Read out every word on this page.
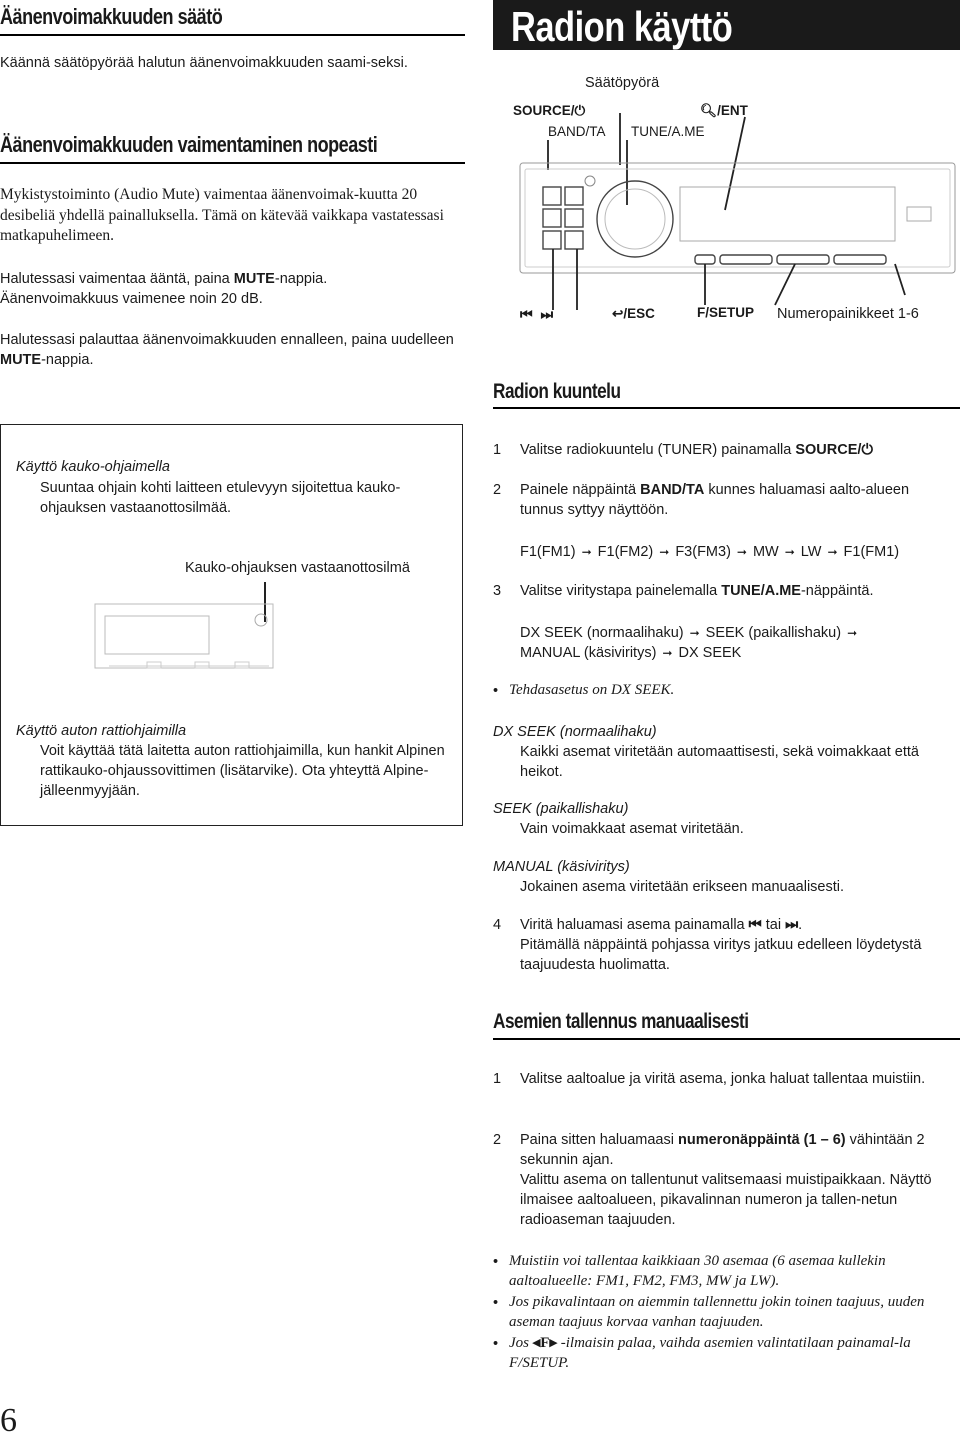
Äänenvoimakkuuden säätö
Käännä säätöpyörää halutun äänenvoimakkuuden saami-seksi.
Äänenvoimakkuuden vaimentaminen nopeasti
Mykistystoiminto (Audio Mute) vaimentaa äänenvoimak-kuutta 20 desibeliä yhdellä painalluksella. Tämä on kätevää vaikkapa vastatessasi matkapuhelimeen.
Halutessasi vaimentaa ääntä, paina MUTE-nappia.
Äänenvoimakkuus vaimenee noin 20 dB.
Halutessasi palauttaa äänenvoimakkuuden ennalleen, paina uudelleen MUTE-nappia.
Käyttö kauko-ohjaimella
Suuntaa ohjain kohti laitteen etulevyyn sijoitettua kauko-ohjauksen vastaanottosilmää.
Kauko-ohjauksen vastaanottosilmä
Käyttö auton rattiohjaimilla
Voit käyttää tätä laitetta auton rattiohjaimilla, kun hankit Alpinen rattikauko-ohjaussovittimen (lisätarvike). Ota yhteyttä Alpine-jälleenmyyjään.
6
Radion käyttö
Säätöpyörä
SOURCE/⏻	🔍︎/ENT
BAND/TA TUNE/A.ME
⏮ ⏭	↩/ESC	F/SETUP Numeropainikkeet 1-6
Radion kuuntelu
1 Valitse radiokuuntelu (TUNER) painamalla SOURCE/⏻
2 Painele näppäintä BAND/TA kunnes haluamasi aalto-alueen tunnus syttyy näyttöön.
F1(FM1) ➞ F1(FM2) ➞ F3(FM3) ➞ MW ➞ LW ➞ F1(FM1)
3 Valitse viritystapa painelemalla TUNE/A.ME-näppäintä.
DX SEEK (normaalihaku) ➞ SEEK (paikallishaku) ➞
MANUAL (käsiviritys) ➞ DX SEEK
• Tehdasasetus on DX SEEK.
DX SEEK (normaalihaku)
Kaikki asemat viritetään automaattisesti, sekä voimakkaat että heikot.
SEEK (paikallishaku)
Vain voimakkaat asemat viritetään.
MANUAL (käsiviritys)
Jokainen asema viritetään erikseen manuaalisesti.
4 Viritä haluamasi asema painamalla ⏮ tai ⏭.
Pitämällä näppäintä pohjassa viritys jatkuu edelleen löydetystä taajuudesta huolimatta.
Asemien tallennus manuaalisesti
1 Valitse aaltoalue ja viritä asema, jonka haluat tallentaa muistiin.
2 Paina sitten haluamaasi numeronäppäintä (1 – 6) vähintään 2 sekunnin ajan.
Valittu asema on tallentunut valitsemaasi muistipaikkaan. Näyttö ilmaisee aaltoalueen, pikavalinnan numeron ja tallen-netun radioaseman taajuuden.
• Muistiin voi tallentaa kaikkiaan 30 asemaa (6 asemaa kullekin aaltoalueelle: FM1, FM2, FM3, MW ja LW).
• Jos pikavalintaan on aiemmin tallennettu jokin toinen taajuus, uuden aseman taajuus korvaa vanhan taajuuden.
• Jos ◂F▸ -ilmaisin palaa, vaihda asemien valintatilaan painamal-la F/SETUP.
